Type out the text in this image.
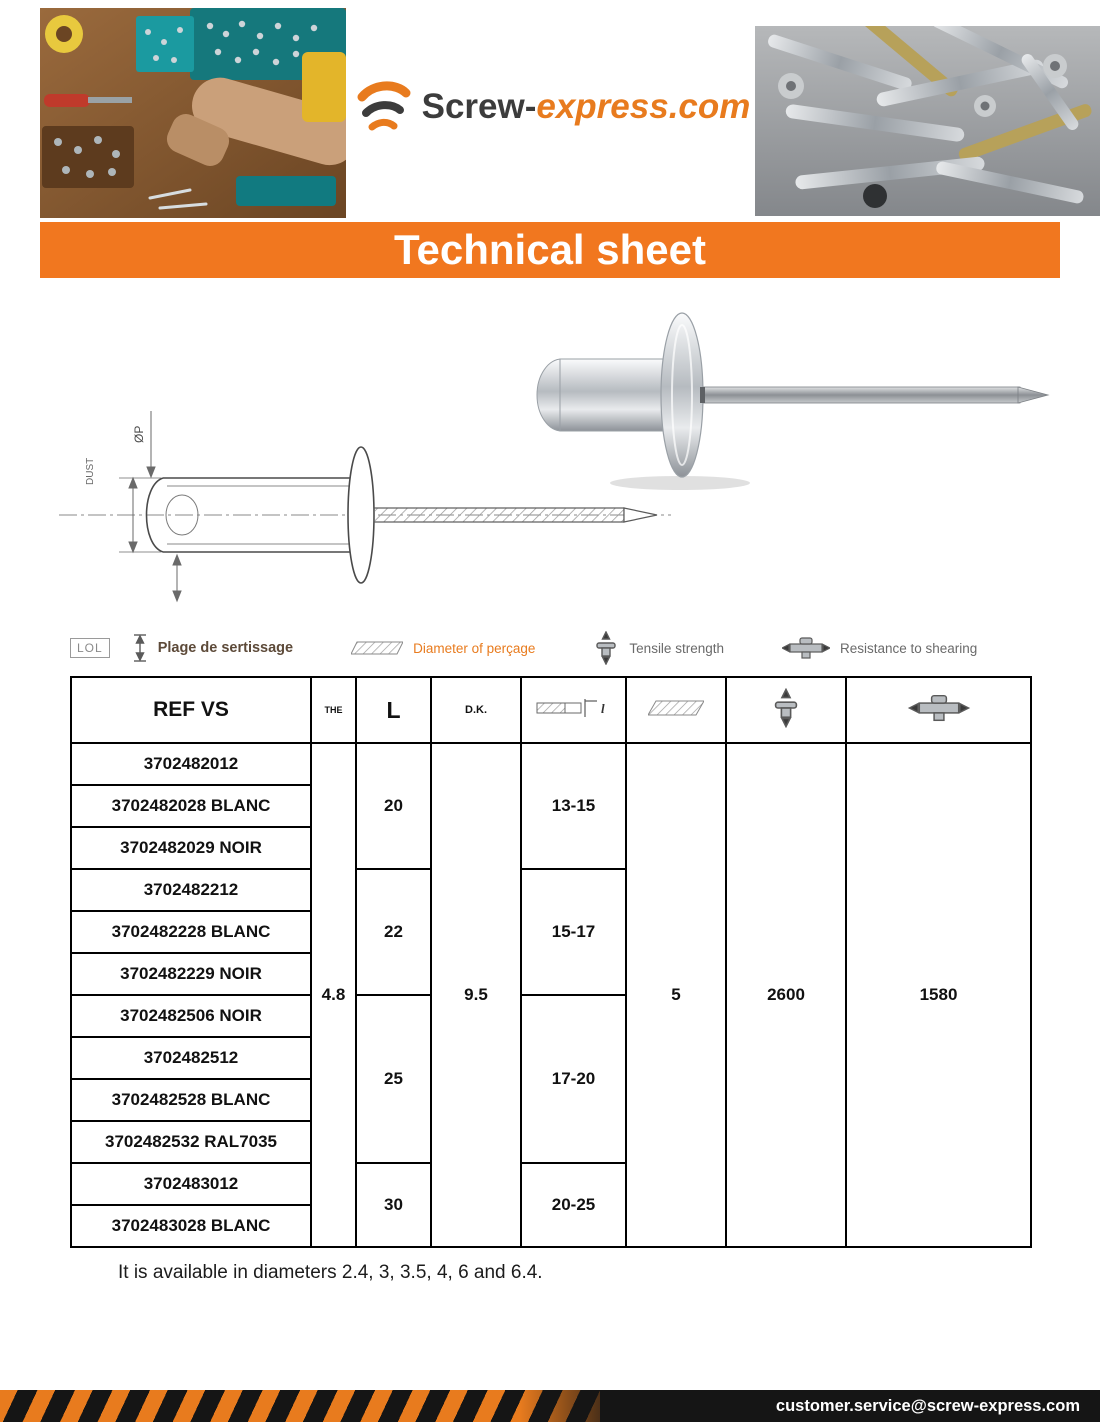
Screw-express.com
Technical sheet
ØP
DUST
LOL	Plage de sertissage	Diameter of perçage	Tensile strength	Resistance to shearing
REF VS	THE	L	D.K.	l

3702482012	4.8	20	9.5	13-15	5	2600	1580
3702482028 BLANC							
3702482029 NOIR							
3702482212		22		15-17			
3702482228 BLANC							
3702482229 NOIR							
3702482506 NOIR		25		17-20			
3702482512							
3702482528 BLANC							
3702482532 RAL7035							
3702483012		30		20-25			
3702483028 BLANC							
It is available in diameters 2.4, 3, 3.5, 4, 6 and 6.4.
customer.service@screw-express.com
